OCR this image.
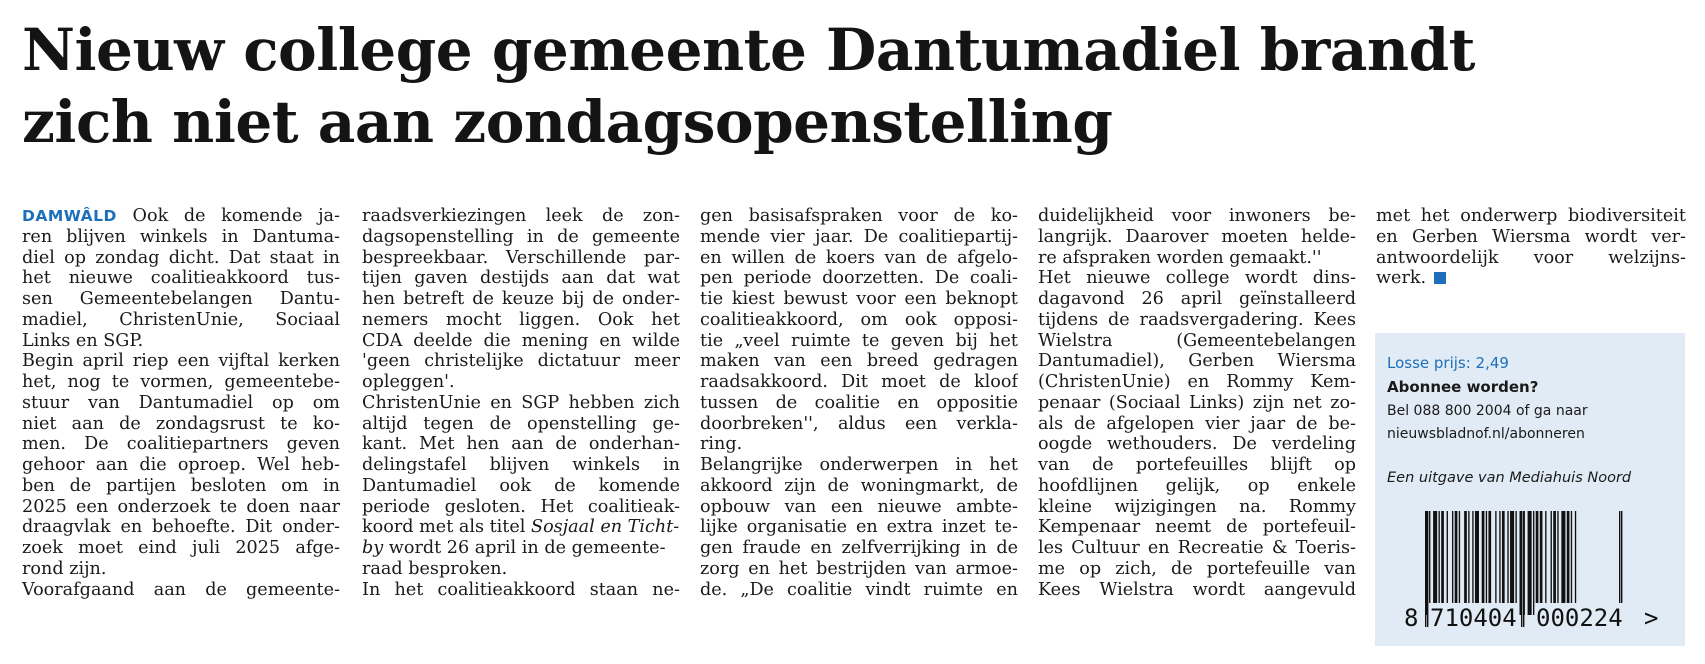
Nieuw college gemeente Dantumadiel brandt
zich niet aan zondagsopenstelling
DAMWÂLD Ook de komende ja-
ren blijven winkels in Dantuma-
diel op zondag dicht. Dat staat in
het nieuwe coalitieakkoord tus-
sen Gemeentebelangen Dantu-
madiel, ChristenUnie, Sociaal
Links en SGP.
Begin april riep een vijftal kerken
het, nog te vormen, gemeentebe-
stuur van Dantumadiel op om
niet aan de zondagsrust te ko-
men. De coalitiepartners geven
gehoor aan die oproep. Wel heb-
ben de partijen besloten om in
2025 een onderzoek te doen naar
draagvlak en behoefte. Dit onder-
zoek moet eind juli 2025 afge-
rond zijn.
Voorafgaand aan de gemeente-
raadsverkiezingen leek de zon-
dagsopenstelling in de gemeente
bespreekbaar. Verschillende par-
tijen gaven destijds aan dat wat
hen betreft de keuze bij de onder-
nemers mocht liggen. Ook het
CDA deelde die mening en wilde
'geen christelijke dictatuur meer
opleggen'.
ChristenUnie en SGP hebben zich
altijd tegen de openstelling ge-
kant. Met hen aan de onderhan-
delingstafel blijven winkels in
Dantumadiel ook de komende
periode gesloten. Het coalitieak-
koord met als titel Sosjaal en Ticht-
by wordt 26 april in de gemeente-
raad besproken.
In het coalitieakkoord staan ne-
gen basisafspraken voor de ko-
mende vier jaar. De coalitiepartij-
en willen de koers van de afgelo-
pen periode doorzetten. De coali-
tie kiest bewust voor een beknopt
coalitieakkoord, om ook opposi-
tie „veel ruimte te geven bij het
maken van een breed gedragen
raadsakkoord. Dit moet de kloof
tussen de coalitie en oppositie
doorbreken'', aldus een verkla-
ring.
Belangrijke onderwerpen in het
akkoord zijn de woningmarkt, de
opbouw van een nieuwe ambte-
lijke organisatie en extra inzet te-
gen fraude en zelfverrijking in de
zorg en het bestrijden van armoe-
de. „De coalitie vindt ruimte en
duidelijkheid voor inwoners be-
langrijk. Daarover moeten helde-
re afspraken worden gemaakt.''
Het nieuwe college wordt dins-
dagavond 26 april geïnstalleerd
tijdens de raadsvergadering. Kees
Wielstra (Gemeentebelangen
Dantumadiel), Gerben Wiersma
(ChristenUnie) en Rommy Kem-
penaar (Sociaal Links) zijn net zo-
als de afgelopen vier jaar de be-
oogde wethouders. De verdeling
van de portefeuilles blijft op
hoofdlijnen gelijk, op enkele
kleine wijzigingen na. Rommy
Kempenaar neemt de portefeuil-
les Cultuur en Recreatie & Toeris-
me op zich, de portefeuille van
Kees Wielstra wordt aangevuld
met het onderwerp biodiversiteit
en Gerben Wiersma wordt ver-
antwoordelijk voor welzijns-
werk.
Losse prijs: 2,49
Abonnee worden?
Bel 088 800 2004 of ga naar
nieuwsbladnof.nl/abonneren
Een uitgave van Mediahuis Noord
8 710404 000224 >
